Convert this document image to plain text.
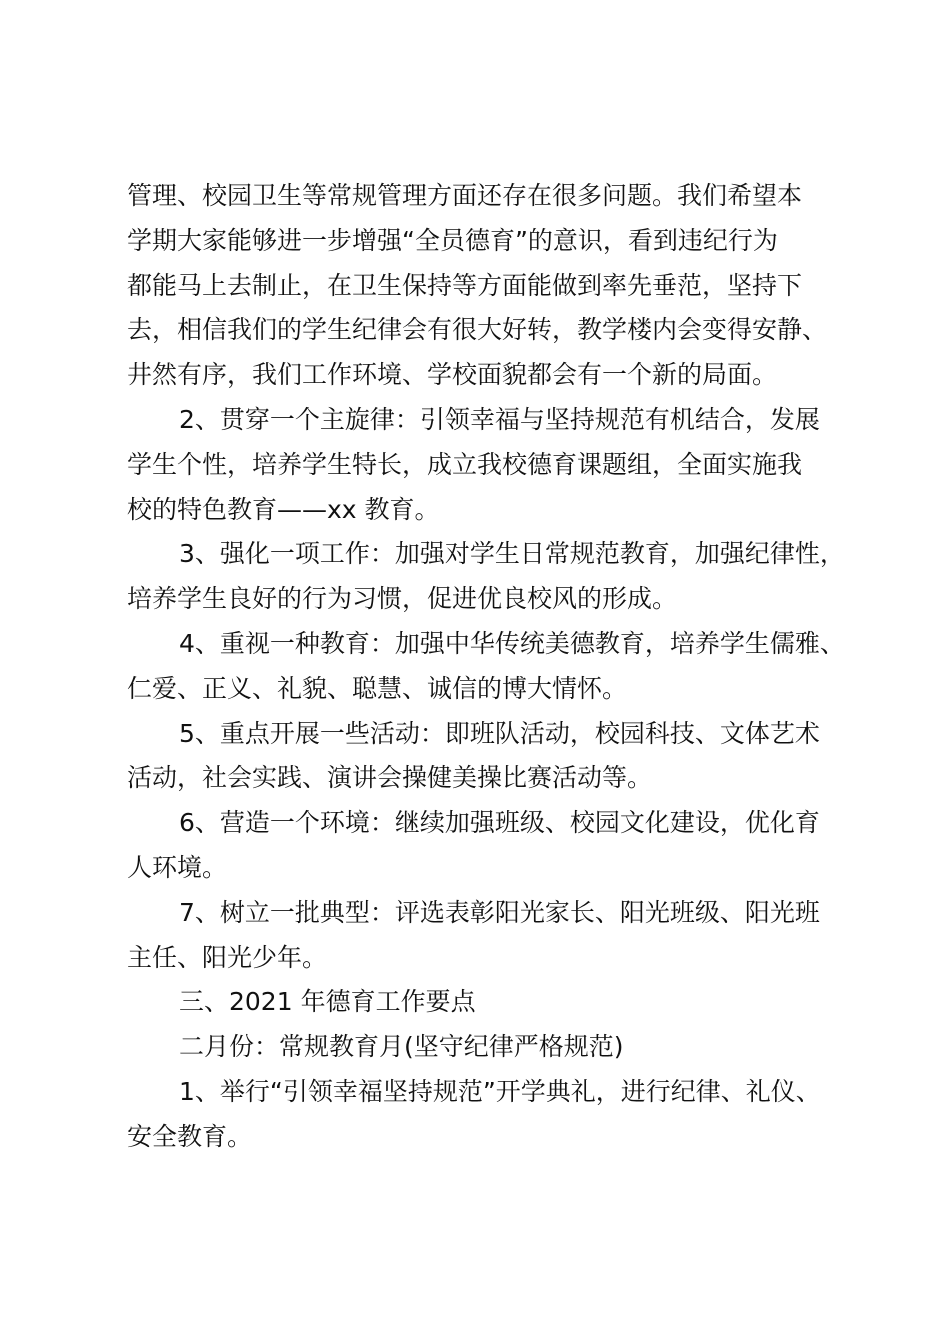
管理、校园卫生等常规管理方面还存在很多问题。我们希望本
学期大家能够进一步增强“全员德育”的意识，看到违纪行为
都能马上去制止，在卫生保持等方面能做到率先垂范，坚持下
去，相信我们的学生纪律会有很大好转，教学楼内会变得安静、
井然有序，我们工作环境、学校面貌都会有一个新的局面。
2、贯穿一个主旋律：引领幸福与坚持规范有机结合，发展
学生个性，培养学生特长，成立我校德育课题组，全面实施我
校的特色教育——xx 教育。
3、强化一项工作：加强对学生日常规范教育，加强纪律性，
培养学生良好的行为习惯，促进优良校风的形成。
4、重视一种教育：加强中华传统美德教育，培养学生儒雅、
仁爱、正义、礼貌、聪慧、诚信的博大情怀。
5、重点开展一些活动：即班队活动，校园科技、文体艺术
活动，社会实践、演讲会操健美操比赛活动等。
6、营造一个环境：继续加强班级、校园文化建设，优化育
人环境。
7、树立一批典型：评选表彰阳光家长、阳光班级、阳光班
主任、阳光少年。
三、2021 年德育工作要点
二月份：常规教育月(坚守纪律严格规范)
1、举行“引领幸福坚持规范”开学典礼，进行纪律、礼仪、
安全教育。
